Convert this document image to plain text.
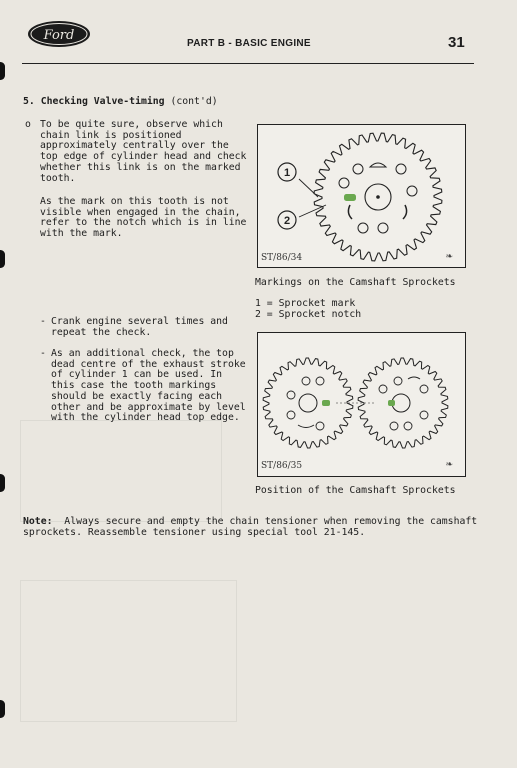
Ford
PART B - BASIC ENGINE	31
5. Checking Valve-timing (cont'd)
o To be quite sure, observe which
chain link is positioned
approximately centrally over the
top edge of cylinder head and check
whether this link is on the marked
tooth.
As the mark on this tooth is not
visible when engaged in the chain,
refer to the notch which is in line
with the mark.
- Crank engine several times and
repeat the check.
- As an additional check, the top
dead centre of the exhaust stroke
of cylinder 1 can be used. In
this case the tooth markings
should be exactly facing each
other and be approximate by level
with the cylinder head top edge.
1
2
ST/86/34	❧
Markings on the Camshaft Sprockets
1 = Sprocket mark
2 = Sprocket notch
ST/86/35	❧
Position of the Camshaft Sprockets
Note:  Always secure and empty the chain tensioner when removing the camshaft
sprockets. Reassemble tensioner using special tool 21-145.
